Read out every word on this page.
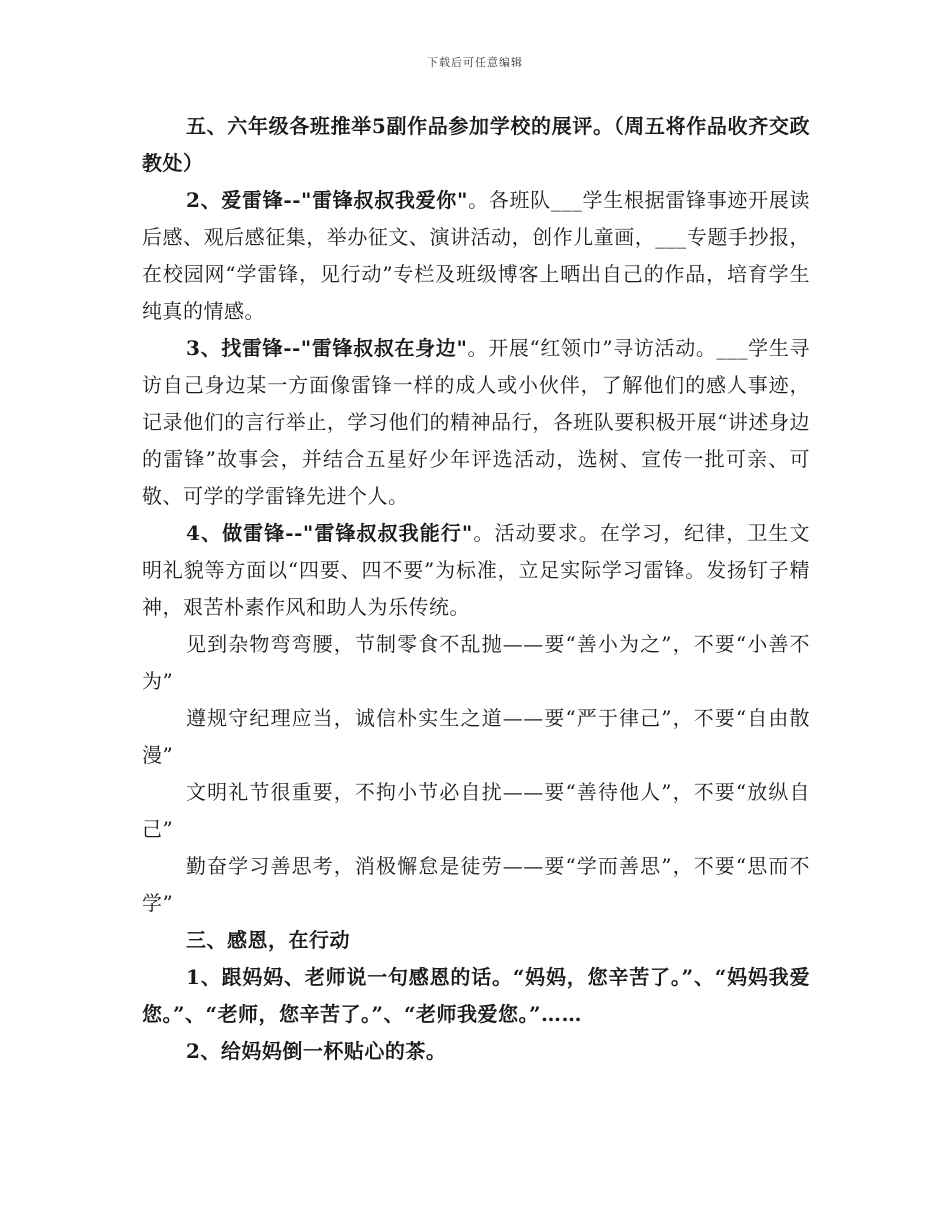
下载后可任意编辑

五、六年级各班推举5副作品参加学校的展评。（周五将作品收齐交政教处）

2、爱雷锋--"雷锋叔叔我爱你"。各班队___学生根据雷锋事迹开展读后感、观后感征集，举办征文、演讲活动，创作儿童画，___专题手抄报，在校园网“学雷锋，见行动”专栏及班级博客上晒出自己的作品，培育学生纯真的情感。

3、找雷锋--"雷锋叔叔在身边"。开展“红领巾”寻访活动。___学生寻访自己身边某一方面像雷锋一样的成人或小伙伴，了解他们的感人事迹，记录他们的言行举止，学习他们的精神品行，各班队要积极开展“讲述身边的雷锋”故事会，并结合五星好少年评选活动，选树、宣传一批可亲、可敬、可学的学雷锋先进个人。

4、做雷锋--"雷锋叔叔我能行"。活动要求。在学习，纪律，卫生文明礼貌等方面以“四要、四不要”为标准，立足实际学习雷锋。发扬钉子精神，艰苦朴素作风和助人为乐传统。

见到杂物弯弯腰，节制零食不乱抛——要“善小为之”，不要“小善不为”

遵规守纪理应当，诚信朴实生之道——要“严于律己”，不要“自由散漫”

文明礼节很重要，不拘小节必自扰——要“善待他人”，不要“放纵自己”

勤奋学习善思考，消极懈怠是徒劳——要“学而善思”，不要“思而不学”

三、感恩，在行动

1、跟妈妈、老师说一句感恩的话。“妈妈，您辛苦了。”、“妈妈我爱您。”、“老师，您辛苦了。”、“老师我爱您。”……

2、给妈妈倒一杯贴心的茶。
